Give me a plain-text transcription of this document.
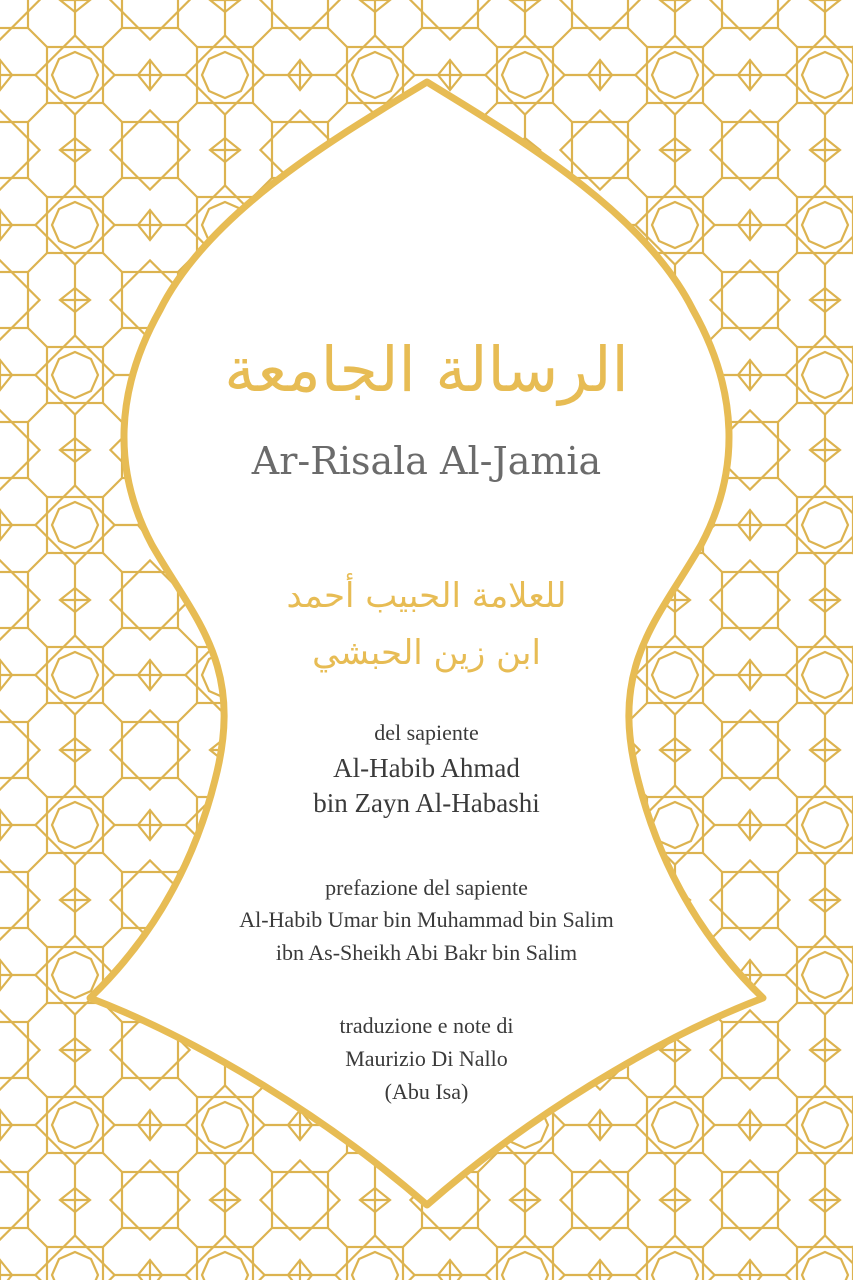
الرسالة الجامعة
Ar-Risala Al-Jamia
للعلامة الحبيب أحمد
ابن زين الحبشي
del sapiente
Al-Habib Ahmad
bin Zayn Al-Habashi
prefazione del sapiente
Al-Habib Umar bin Muhammad bin Salim
ibn As-Sheikh Abi Bakr bin Salim
traduzione e note di
Maurizio Di Nallo
(Abu Isa)
